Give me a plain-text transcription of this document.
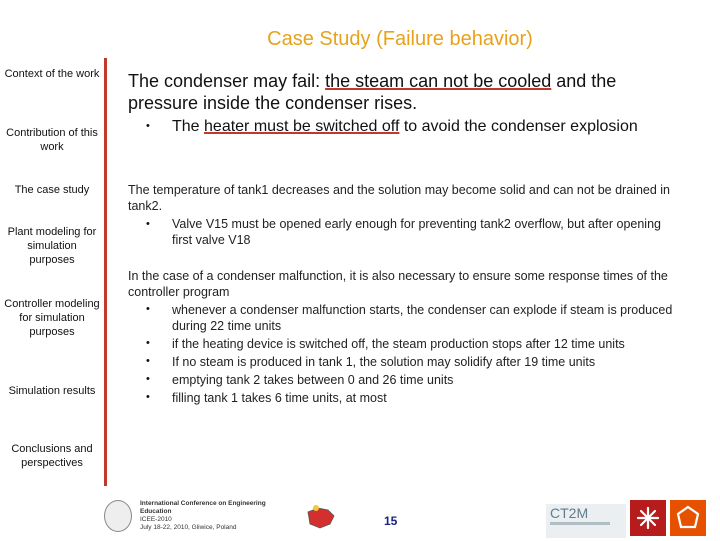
Case Study (Failure behavior)
Context of the work
Contribution of this work
The case study
Plant modeling for simulation purposes
Controller modeling for simulation purposes
Simulation results
Conclusions and perspectives
The condenser may fail: the steam can not be cooled and the pressure inside the condenser rises.
• The heater must be switched off to avoid the condenser explosion
The temperature of tank1 decreases and the solution may become solid and can not be drained in tank2.
• Valve V15 must be opened early enough for preventing tank2 overflow, but after opening first valve V18
In the case of a condenser malfunction, it is also necessary to ensure some response times of the controller program
• whenever a condenser malfunction starts, the condenser can explode if steam is produced during 22 time units
• if the heating device is switched off, the steam production stops after 12 time units
• If no steam is produced in tank 1, the solution may solidify after 19 time units
• emptying tank 2 takes between 0 and 26 time units
• filling tank 1 takes 6 time units, at most
International Conference on Engineering Education
ICEE-2010
July 18-22, 2010, Gliwice, Poland	15	CT2M
